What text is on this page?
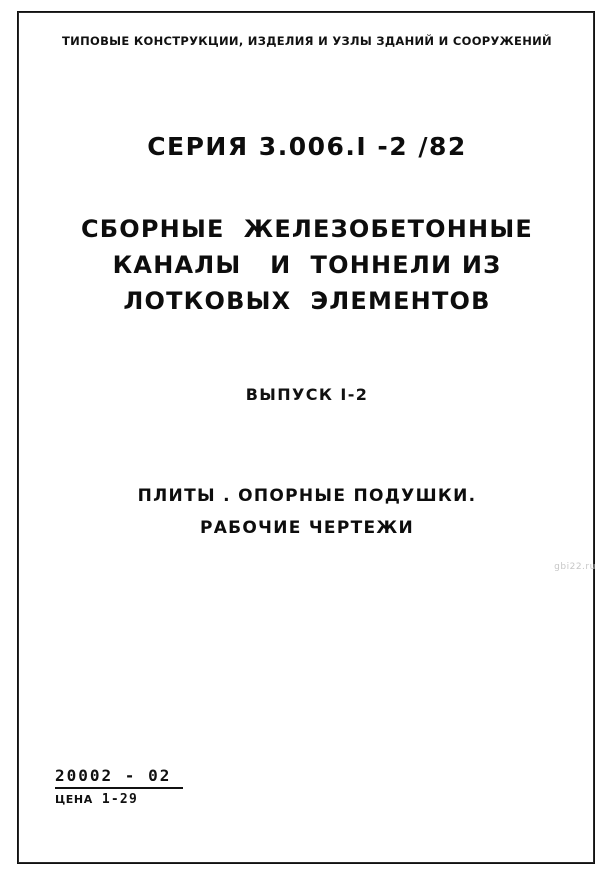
ТИПОВЫЕ КОНСТРУКЦИИ, ИЗДЕЛИЯ И УЗЛЫ ЗДАНИЙ И СООРУЖЕНИЙ
СЕРИЯ 3.006.I -2 /82
СБОРНЫЕ  ЖЕЛЕЗОБЕТОННЫЕ
КАНАЛЫ   И  ТОННЕЛИ ИЗ
ЛОТКОВЫХ  ЭЛЕМЕНТОВ
ВЫПУСК I-2
ПЛИТЫ . ОПОРНЫЕ ПОДУШКИ.
РАБОЧИЕ ЧЕРТЕЖИ
gbi22.ru
20002 - 02
ЦЕНА 1-29
